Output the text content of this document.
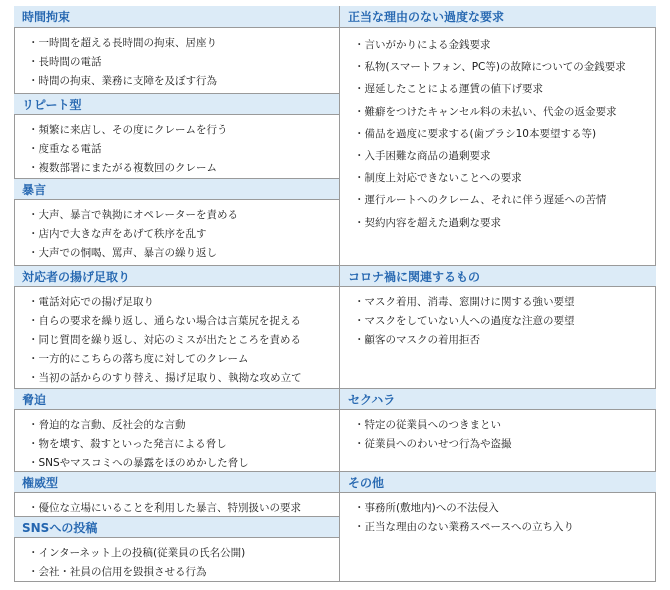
時間拘束
・一時間を超える長時間の拘束、居座り
・長時間の電話
・時間の拘束、業務に支障を及ぼす行為
リピート型
・頻繁に来店し、その度にクレームを行う
・度重なる電話
・複数部署にまたがる複数回のクレーム
暴言
・大声、暴言で執拗にオペレーターを責める
・店内で大きな声をあげて秩序を乱す
・大声での恫喝、罵声、暴言の繰り返し
対応者の揚げ足取り
・電話対応での揚げ足取り
・自らの要求を繰り返し、通らない場合は言葉尻を捉える
・同じ質問を繰り返し、対応のミスが出たところを責める
・一方的にこちらの落ち度に対してのクレーム
・当初の話からのすり替え、揚げ足取り、執拗な攻め立て
脅迫
・脅迫的な言動、反社会的な言動
・物を壊す、殺すといった発言による脅し
・SNSやマスコミへの暴露をほのめかした脅し
権威型
・優位な立場にいることを利用した暴言、特別扱いの要求
SNSへの投稿
・インターネット上の投稿(従業員の氏名公開)
・会社・社員の信用を毀損させる行為
正当な理由のない過度な要求
・言いがかりによる金銭要求
・私物(スマートフォン、PC等)の故障についての金銭要求
・遅延したことによる運賃の値下げ要求
・難癖をつけたキャンセル料の未払い、代金の返金要求
・備品を過度に要求する(歯ブラシ10本要望する等)
・入手困難な商品の過剰要求
・制度上対応できないことへの要求
・運行ルートへのクレーム、それに伴う遅延への苦情
・契約内容を超えた過剰な要求
コロナ禍に関連するもの
・マスク着用、消毒、窓開けに関する強い要望
・マスクをしていない人への過度な注意の要望
・顧客のマスクの着用拒否
セクハラ
・特定の従業員へのつきまとい
・従業員へのわいせつ行為や盗撮
その他
・事務所(敷地内)への不法侵入
・正当な理由のない業務スペースへの立ち入り
